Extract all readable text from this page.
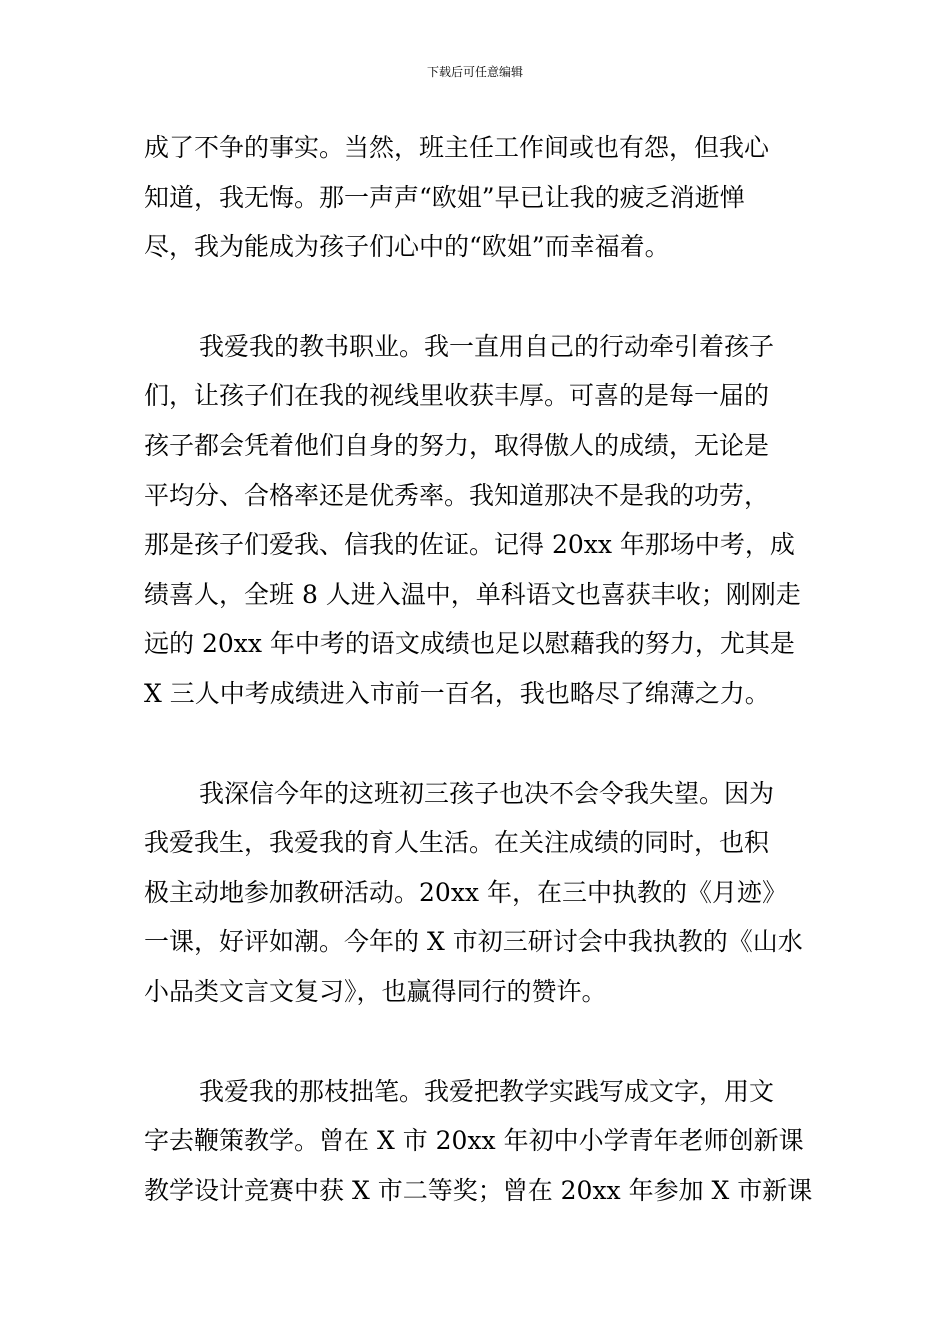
下载后可任意编辑
成了不争的事实。当然，班主任工作间或也有怨，但我心
知道，我无悔。那一声声“欧姐”早已让我的疲乏消逝惮
尽，我为能成为孩子们心中的“欧姐”而幸福着。
我爱我的教书职业。我一直用自己的行动牵引着孩子
们，让孩子们在我的视线里收获丰厚。可喜的是每一届的
孩子都会凭着他们自身的努力，取得傲人的成绩，无论是
平均分、合格率还是优秀率。我知道那决不是我的功劳，
那是孩子们爱我、信我的佐证。记得 20xx 年那场中考，成
绩喜人，全班 8 人进入温中，单科语文也喜获丰收；刚刚走
远的 20xx 年中考的语文成绩也足以慰藉我的努力，尤其是
X 三人中考成绩进入市前一百名，我也略尽了绵薄之力。
我深信今年的这班初三孩子也决不会令我失望。因为
我爱我生，我爱我的育人生活。在关注成绩的同时，也积
极主动地参加教研活动。20xx 年，在三中执教的《月迹》
一课，好评如潮。今年的 X 市初三研讨会中我执教的《山水
小品类文言文复习》，也赢得同行的赞许。
我爱我的那枝拙笔。我爱把教学实践写成文字，用文
字去鞭策教学。曾在 X 市 20xx 年初中小学青年老师创新课
教学设计竞赛中获 X 市二等奖；曾在 20xx 年参加 X 市新课
